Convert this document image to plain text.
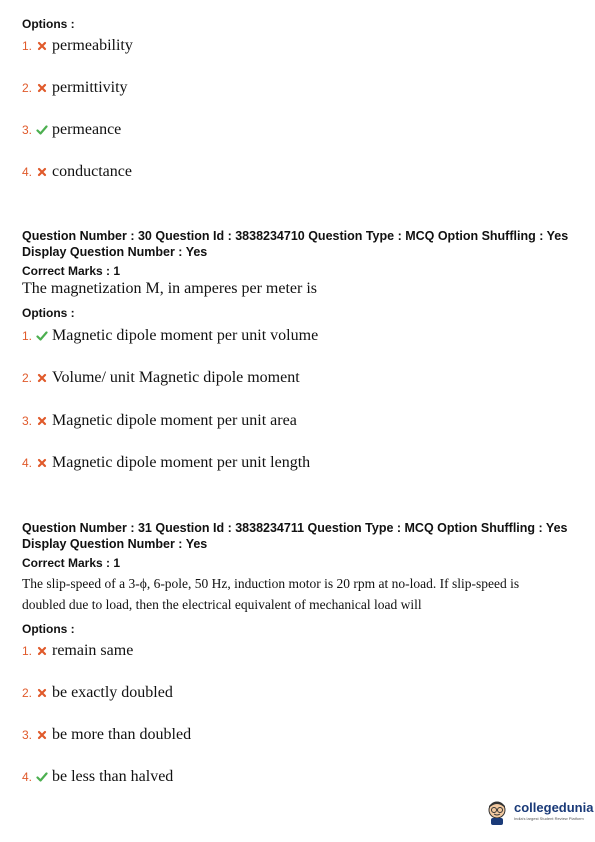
Options :
1. permeability
2. permittivity
3. permeance
4. conductance
Question Number : 30 Question Id : 3838234710 Question Type : MCQ Option Shuffling : Yes
Display Question Number : Yes
Correct Marks : 1
The magnetization M, in amperes per meter is
Options :
1. Magnetic dipole moment per unit volume
2. Volume/ unit Magnetic dipole moment
3. Magnetic dipole moment per unit area
4. Magnetic dipole moment per unit length
Question Number : 31 Question Id : 3838234711 Question Type : MCQ Option Shuffling : Yes
Display Question Number : Yes
Correct Marks : 1
The slip-speed of a 3-ϕ, 6-pole, 50 Hz, induction motor is 20 rpm at no-load. If slip-speed is
doubled due to load, then the electrical equivalent of mechanical load will
Options :
1. remain same
2. be exactly doubled
3. be more than doubled
4. be less than halved
collegedunia
India's largest Student Review Platform
